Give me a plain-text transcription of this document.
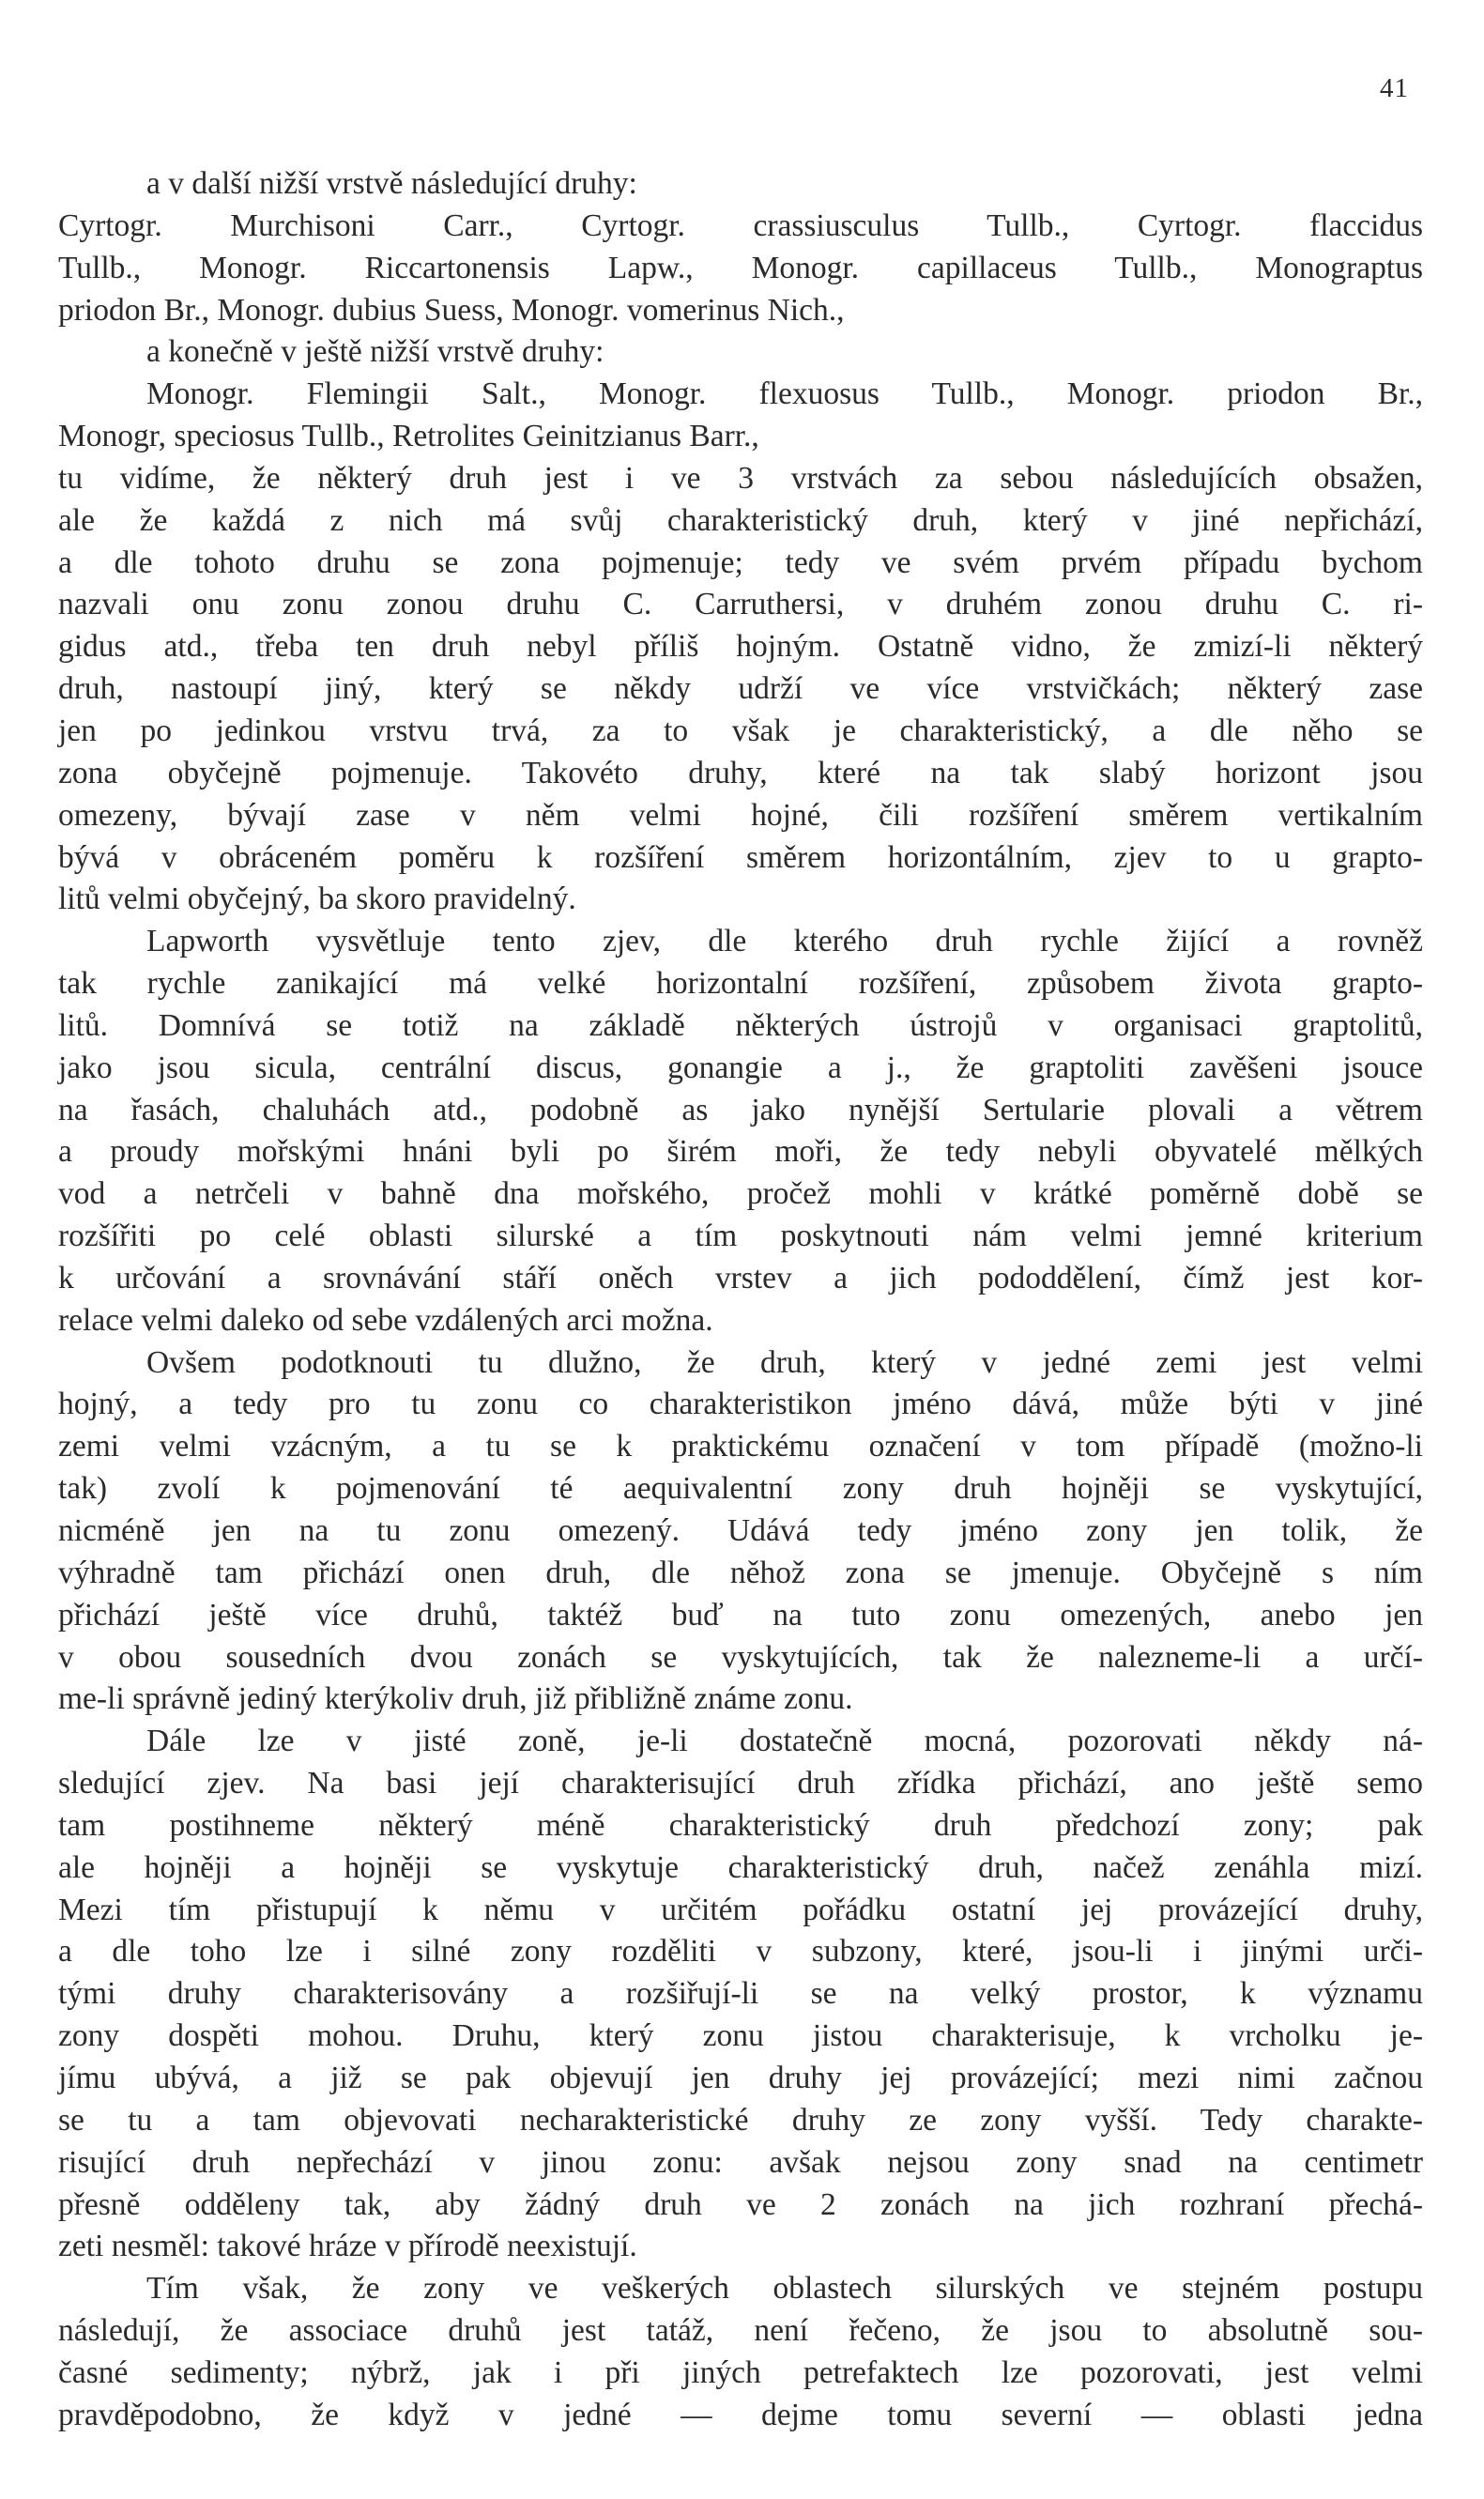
41
a v další nižší vrstvě následující druhy:
Cyrtogr. Murchisoni Carr., Cyrtogr. crassiusculus Tullb., Cyrtogr. flaccidus
Tullb., Monogr. Riccartonensis Lapw., Monogr. capillaceus Tullb., Monograptus
priodon Br., Monogr. dubius Suess, Monogr. vomerinus Nich.,
a konečně v ještě nižší vrstvě druhy:
Monogr. Flemingii Salt., Monogr. flexuosus Tullb., Monogr. priodon Br.,
Monogr, speciosus Tullb., Retrolites Geinitzianus Barr.,
tu vidíme, že některý druh jest i ve 3 vrstvách za sebou následujících obsažen,
ale že každá z nich má svůj charakteristický druh, který v jiné nepřichází,
a dle tohoto druhu se zona pojmenuje; tedy ve svém prvém případu bychom
nazvali onu zonu zonou druhu C. Carruthersi, v druhém zonou druhu C. ri-
gidus atd., třeba ten druh nebyl příliš hojným. Ostatně vidno, že zmizí-li některý
druh, nastoupí jiný, který se někdy udrží ve více vrstvičkách; některý zase
jen po jedinkou vrstvu trvá, za to však je charakteristický, a dle něho se
zona obyčejně pojmenuje. Takovéto druhy, které na tak slabý horizont jsou
omezeny, bývají zase v něm velmi hojné, čili rozšíření směrem vertikalním
bývá v obráceném poměru k rozšíření směrem horizontálním, zjev to u grapto-
litů velmi obyčejný, ba skoro pravidelný.
Lapworth vysvětluje tento zjev, dle kterého druh rychle žijící a rovněž
tak rychle zanikající má velké horizontalní rozšíření, způsobem života grapto-
litů. Domnívá se totiž na základě některých ústrojů v organisaci graptolitů,
jako jsou sicula, centrální discus, gonangie a j., že graptoliti zavěšeni jsouce
na řasách, chaluhách atd., podobně as jako nynější Sertularie plovali a větrem
a proudy mořskými hnáni byli po širém moři, že tedy nebyli obyvatelé mělkých
vod a netrčeli v bahně dna mořského, pročež mohli v krátké poměrně době se
rozšířiti po celé oblasti silurské a tím poskytnouti nám velmi jemné kriterium
k určování a srovnávání stáří oněch vrstev a jich pododdělení, čímž jest kor-
relace velmi daleko od sebe vzdálených arci možna.
Ovšem podotknouti tu dlužno, že druh, který v jedné zemi jest velmi
hojný, a tedy pro tu zonu co charakteristikon jméno dává, může býti v jiné
zemi velmi vzácným, a tu se k praktickému označení v tom případě (možno-li
tak) zvolí k pojmenování té aequivalentní zony druh hojněji se vyskytující,
nicméně jen na tu zonu omezený. Udává tedy jméno zony jen tolik, že
výhradně tam přichází onen druh, dle něhož zona se jmenuje. Obyčejně s ním
přichází ještě více druhů, taktéž buď na tuto zonu omezených, anebo jen
v obou sousedních dvou zonách se vyskytujících, tak že nalezneme-li a určí-
me-li správně jediný kterýkoliv druh, již přibližně známe zonu.
Dále lze v jisté zoně, je-li dostatečně mocná, pozorovati někdy ná-
sledující zjev. Na basi její charakterisující druh zřídka přichází, ano ještě semo
tam postihneme některý méně charakteristický druh předchozí zony; pak
ale hojněji a hojněji se vyskytuje charakteristický druh, načež zenáhla mizí.
Mezi tím přistupují k němu v určitém pořádku ostatní jej provázející druhy,
a dle toho lze i silné zony rozděliti v subzony, které, jsou-li i jinými urči-
tými druhy charakterisovány a rozšiřují-li se na velký prostor, k významu
zony dospěti mohou. Druhu, který zonu jistou charakterisuje, k vrcholku je-
jímu ubývá, a již se pak objevují jen druhy jej provázející; mezi nimi začnou
se tu a tam objevovati necharakteristické druhy ze zony vyšší. Tedy charakte-
risující druh nepřechází v jinou zonu: avšak nejsou zony snad na centimetr
přesně odděleny tak, aby žádný druh ve 2 zonách na jich rozhraní přechá-
zeti nesměl: takové hráze v přírodě neexistují.
Tím však, že zony ve veškerých oblastech silurských ve stejném postupu
následují, že associace druhů jest tatáž, není řečeno, že jsou to absolutně sou-
časné sedimenty; nýbrž, jak i při jiných petrefaktech lze pozorovati, jest velmi
pravděpodobno, že když v jedné — dejme tomu severní — oblasti jedna
